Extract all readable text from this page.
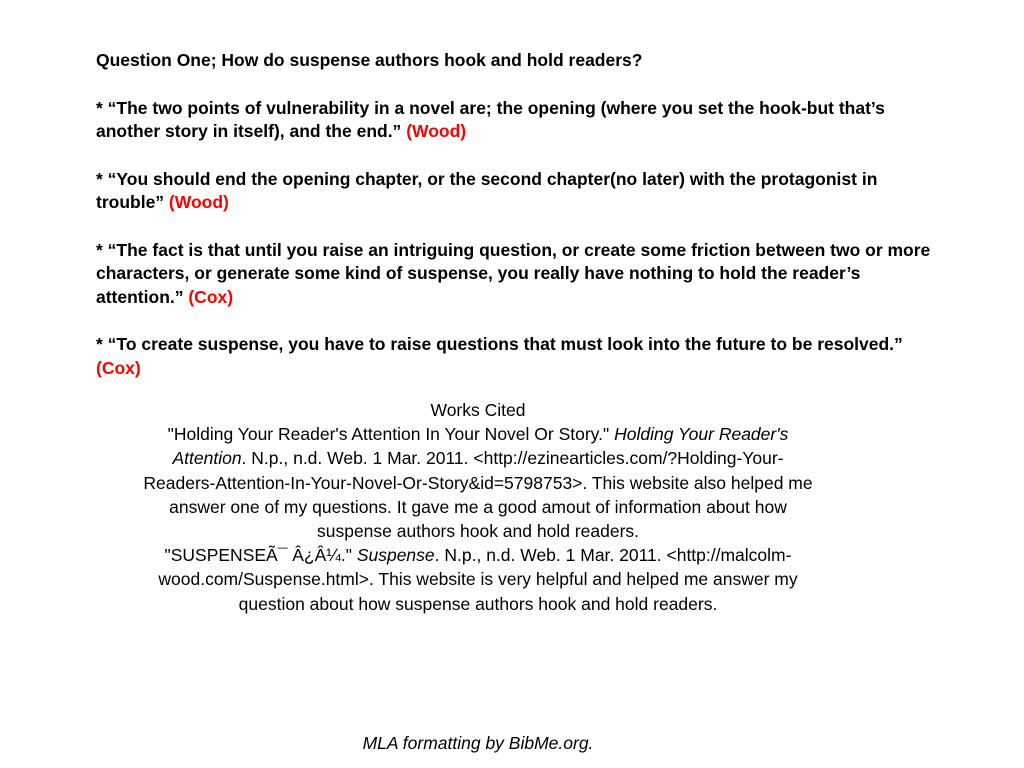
Question One; How do suspense authors hook and hold readers?

* “The two points of vulnerability in a novel are; the opening (where you set the hook-but that’s another story in itself), and the end.” (Wood)

* “You should end the opening chapter, or the second chapter(no later) with the protagonist in trouble” (Wood)

* “The fact is that until you raise an intriguing question, or create some friction between two or more characters, or generate some kind of suspense, you really have nothing to hold the reader’s attention.” (Cox)

* “To create suspense, you have to raise questions that must look into the future to be resolved.” (Cox)

Works Cited

"Holding Your Reader's Attention In Your Novel Or Story." Holding Your Reader's Attention. N.p., n.d. Web. 1 Mar. 2011. <http://ezinearticles.com/?Holding-Your-Readers-Attention-In-Your-Novel-Or-Story&id=5798753>. This website also helped me answer one of my questions. It gave me a good amout of information about how suspense authors hook and hold readers.

"SUSPENSEÃ¯ Â¿Â¼." Suspense. N.p., n.d. Web. 1 Mar. 2011. <http://malcolm-wood.com/Suspense.html>. This website is very helpful and helped me answer my question about how suspense authors hook and hold readers.

MLA formatting by BibMe.org.
